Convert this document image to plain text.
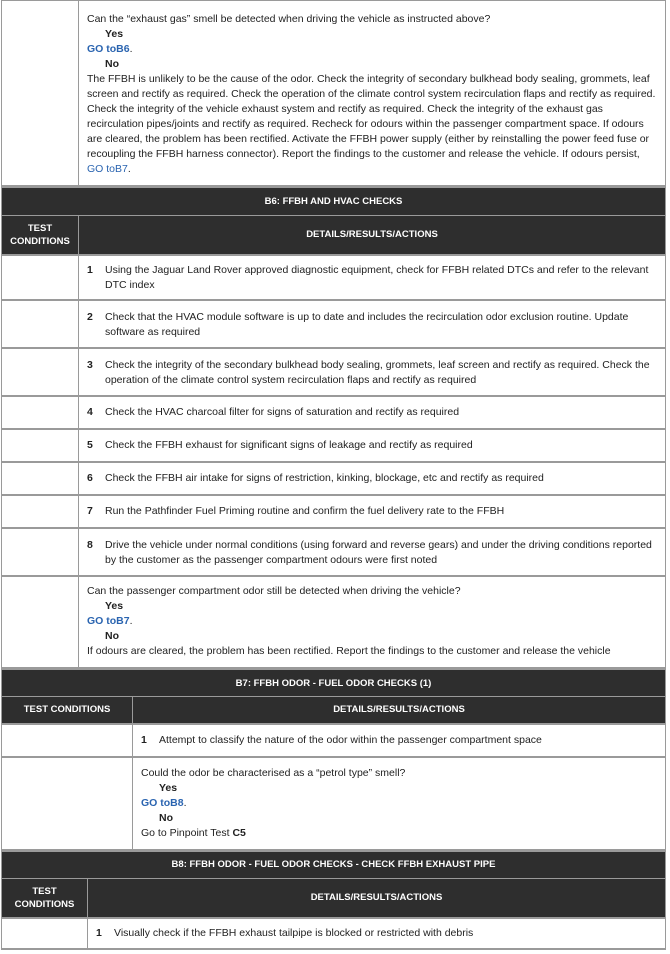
Can the “exhaust gas” smell be detected when driving the vehicle as instructed above?
Yes
GO toB6.
No
The FFBH is unlikely to be the cause of the odor. Check the integrity of secondary bulkhead body sealing, grommets, leaf screen and rectify as required. Check the operation of the climate control system recirculation flaps and rectify as required. Check the integrity of the vehicle exhaust system and rectify as required. Check the integrity of the exhaust gas recirculation pipes/joints and rectify as required. Recheck for odours within the passenger compartment space. If odours are cleared, the problem has been rectified. Activate the FFBH power supply (either by reinstalling the power feed fuse or recoupling the FFBH harness connector). Report the findings to the customer and release the vehicle. If odours persist, GO toB7.
B6: FFBH AND HVAC CHECKS	

TEST CONDITIONS	DETAILS/RESULTS/ACTIONS

	1 Using the Jaguar Land Rover approved diagnostic equipment, check for FFBH related DTCs and refer to the relevant DTC index

	2 Check that the HVAC module software is up to date and includes the recirculation odor exclusion routine. Update software as required

	3 Check the integrity of the secondary bulkhead body sealing, grommets, leaf screen and rectify as required. Check the operation of the climate control system recirculation flaps and rectify as required

	4 Check the HVAC charcoal filter for signs of saturation and rectify as required

	5 Check the FFBH exhaust for significant signs of leakage and rectify as required

	6 Check the FFBH air intake for signs of restriction, kinking, blockage, etc and rectify as required

	7 Run the Pathfinder Fuel Priming routine and confirm the fuel delivery rate to the FFBH

	8 Drive the vehicle under normal conditions (using forward and reverse gears) and under the driving conditions reported by the customer as the passenger compartment odours were first noted

	Can the passenger compartment odor still be detected when driving the vehicle?
Yes
GO toB7.
No
If odours are cleared, the problem has been rectified. Report the findings to the customer and release the vehicle
B7: FFBH ODOR - FUEL ODOR CHECKS (1)	
TEST CONDITIONS	DETAILS/RESULTS/ACTIONS

	1 Attempt to classify the nature of the odor within the passenger compartment space

	Could the odor be characterised as a “petrol type” smell?
Yes
GO toB8.
No
Go to Pinpoint Test C5
B8: FFBH ODOR - FUEL ODOR CHECKS - CHECK FFBH EXHAUST PIPE	

TEST CONDITIONS	DETAILS/RESULTS/ACTIONS

	1 Visually check if the FFBH exhaust tailpipe is blocked or restricted with debris
